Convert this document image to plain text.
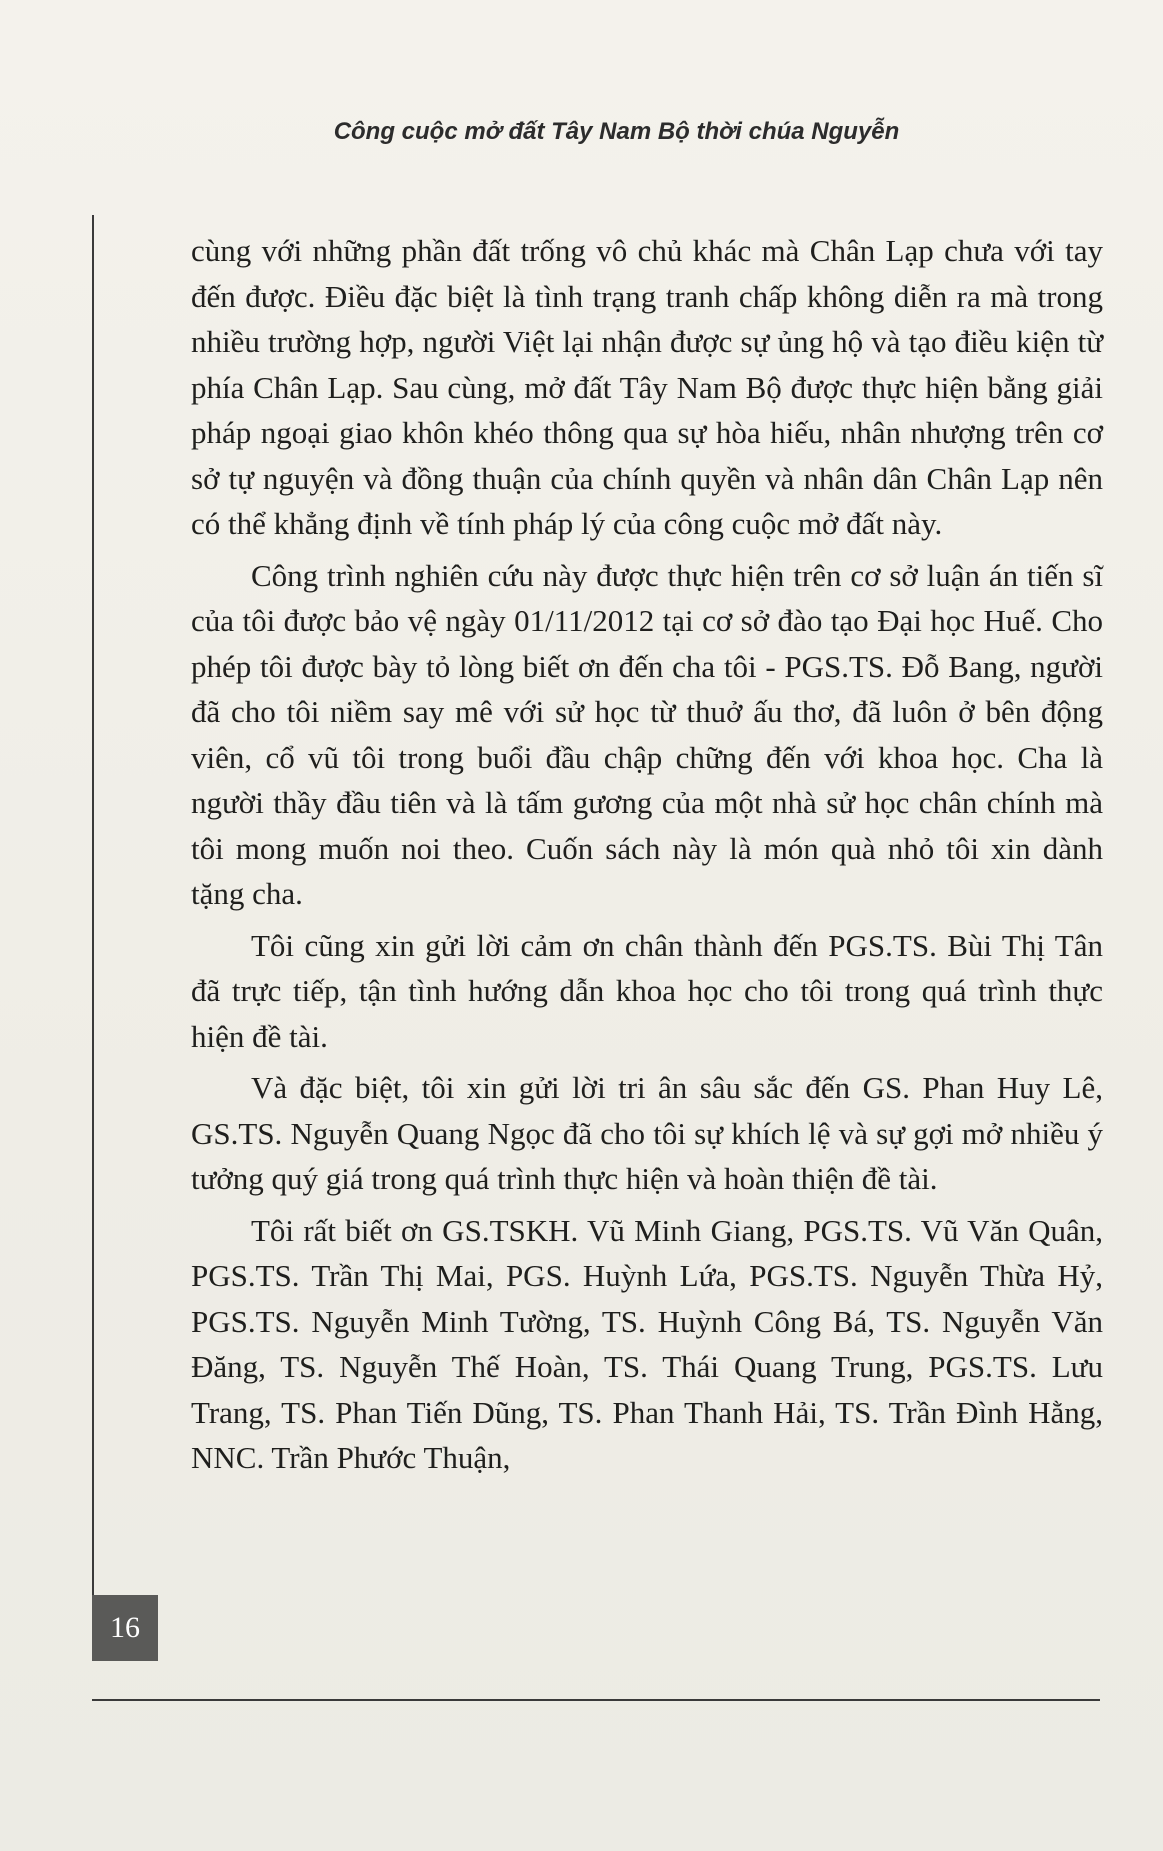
Công cuộc mở đất Tây Nam Bộ thời chúa Nguyễn

cùng với những phần đất trống vô chủ khác mà Chân Lạp chưa với tay đến được. Điều đặc biệt là tình trạng tranh chấp không diễn ra mà trong nhiều trường hợp, người Việt lại nhận được sự ủng hộ và tạo điều kiện từ phía Chân Lạp. Sau cùng, mở đất Tây Nam Bộ được thực hiện bằng giải pháp ngoại giao khôn khéo thông qua sự hòa hiếu, nhân nhượng trên cơ sở tự nguyện và đồng thuận của chính quyền và nhân dân Chân Lạp nên có thể khẳng định về tính pháp lý của công cuộc mở đất này.

Công trình nghiên cứu này được thực hiện trên cơ sở luận án tiến sĩ của tôi được bảo vệ ngày 01/11/2012 tại cơ sở đào tạo Đại học Huế. Cho phép tôi được bày tỏ lòng biết ơn đến cha tôi - PGS.TS. Đỗ Bang, người đã cho tôi niềm say mê với sử học từ thuở ấu thơ, đã luôn ở bên động viên, cổ vũ tôi trong buổi đầu chập chững đến với khoa học. Cha là người thầy đầu tiên và là tấm gương của một nhà sử học chân chính mà tôi mong muốn noi theo. Cuốn sách này là món quà nhỏ tôi xin dành tặng cha.

Tôi cũng xin gửi lời cảm ơn chân thành đến PGS.TS. Bùi Thị Tân đã trực tiếp, tận tình hướng dẫn khoa học cho tôi trong quá trình thực hiện đề tài.

Và đặc biệt, tôi xin gửi lời tri ân sâu sắc đến GS. Phan Huy Lê, GS.TS. Nguyễn Quang Ngọc đã cho tôi sự khích lệ và sự gợi mở nhiều ý tưởng quý giá trong quá trình thực hiện và hoàn thiện đề tài.

Tôi rất biết ơn GS.TSKH. Vũ Minh Giang, PGS.TS. Vũ Văn Quân, PGS.TS. Trần Thị Mai, PGS. Huỳnh Lứa, PGS.TS. Nguyễn Thừa Hỷ, PGS.TS. Nguyễn Minh Tường, TS. Huỳnh Công Bá, TS. Nguyễn Văn Đăng, TS. Nguyễn Thế Hoàn, TS. Thái Quang Trung, PGS.TS. Lưu Trang, TS. Phan Tiến Dũng, TS. Phan Thanh Hải, TS. Trần Đình Hằng, NNC. Trần Phước Thuận,

16
